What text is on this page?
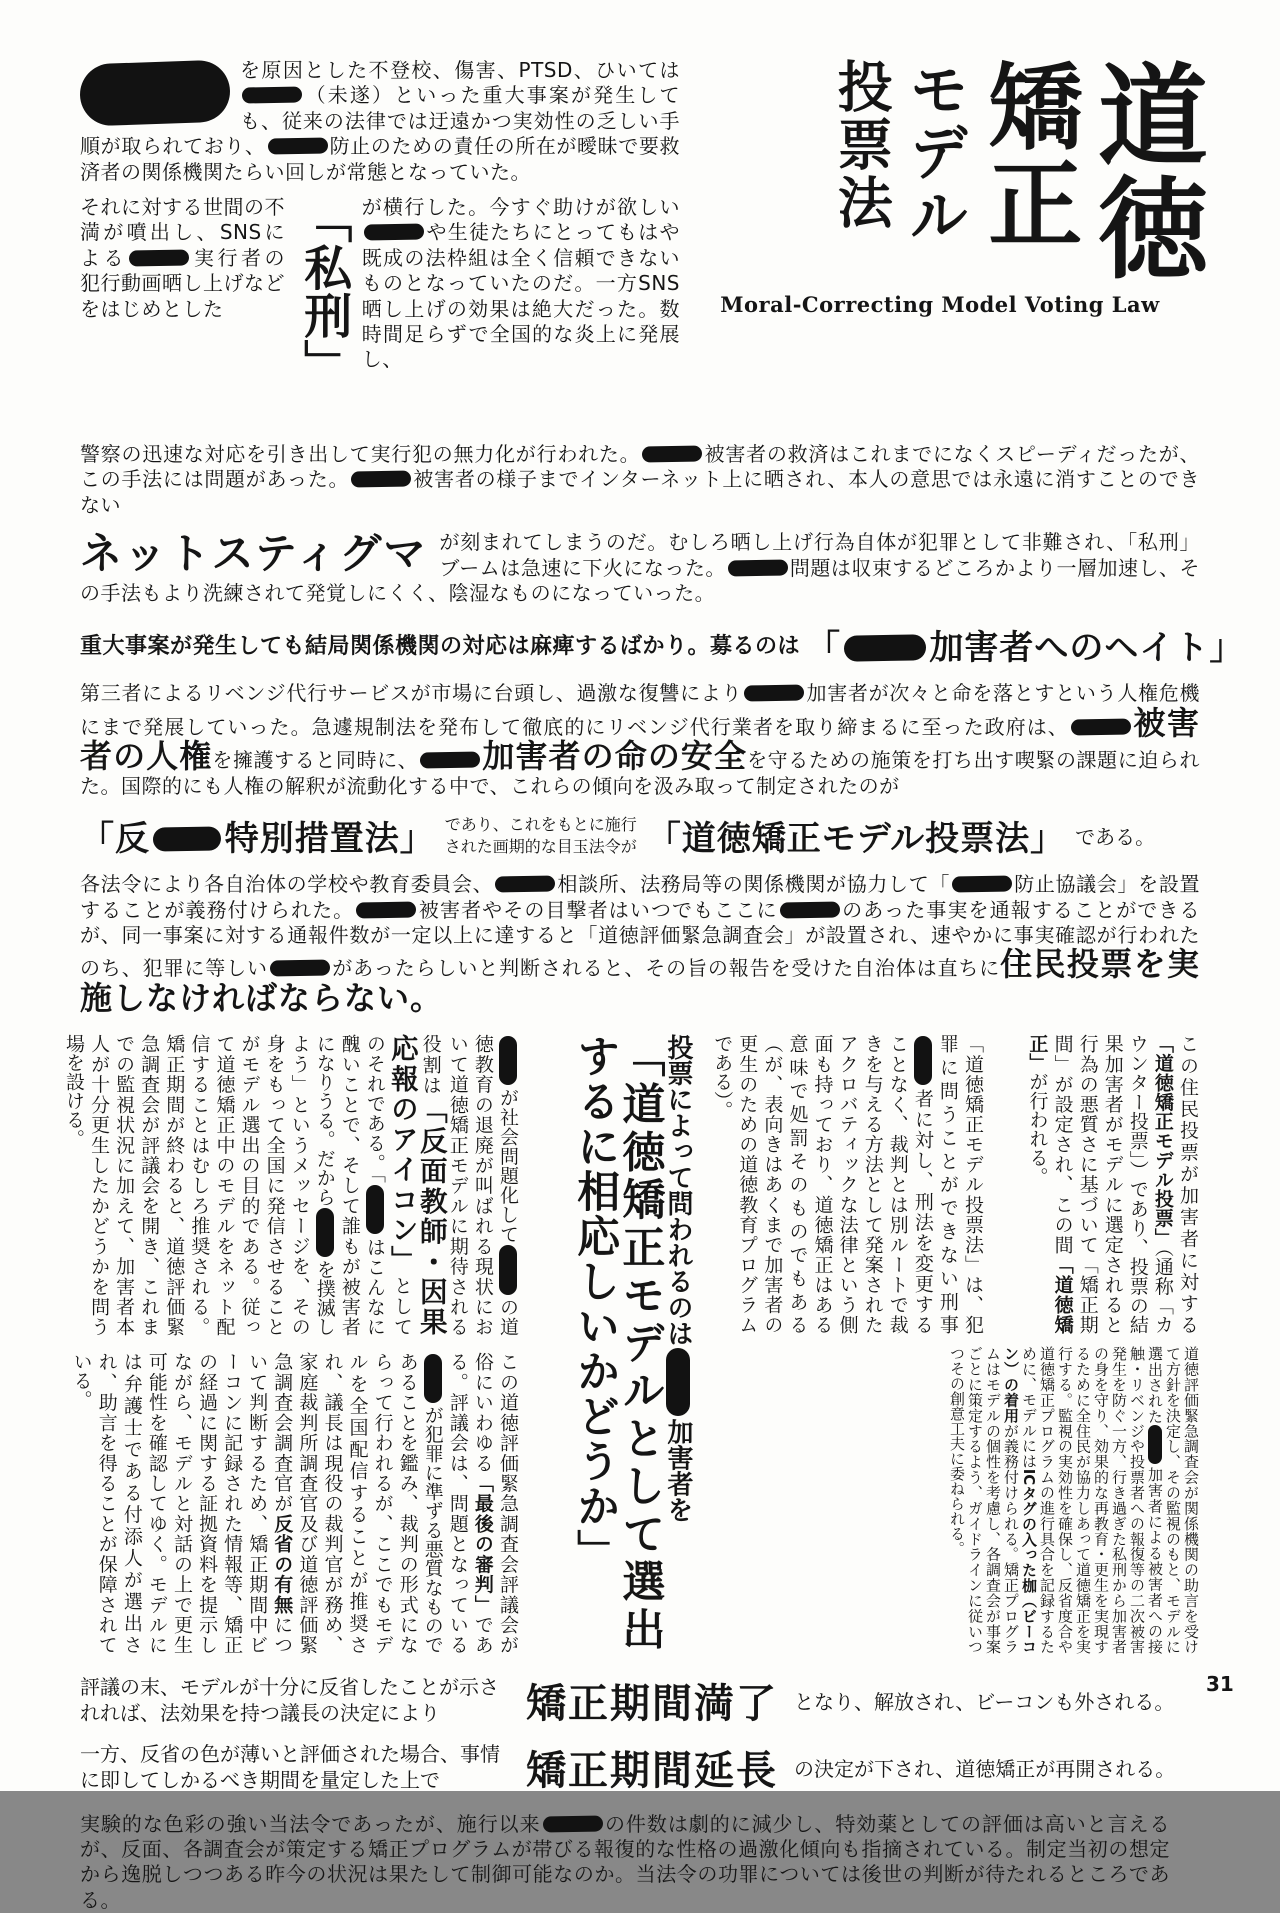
を原因とした不登校、傷害、PTSD、ひいては（未遂）といった重大事案が発生しても、従来の法律では迂遠かつ実効性の乏しい手順が取られており、	防止のための責任の所在が曖昧で要救済者の関係機関たらい回しが常態となっていた。

それに対する世間の不満が噴出し、SNSによる	実行者の犯行動画晒し上げなどをはじめとした	「私刑」 が横行した。今すぐ助けが欲しいや生徒たちにとってもはや既成の法枠組は全く信頼できないものとなっていたのだ。一方SNS晒し上げの効果は絶大だった。数時間足らずで全国的な炎上に発展し、

投票法 モデル 矯正
道徳
Moral-Correcting Model Voting Law

警察の迅速な対応を引き出して実行犯の無力化が行われた。	被害者の救済はこれまでになくスピーディだったが、この手法には問題があった。	被害者の様子までインターネット上に晒され、本人の意思では永遠に消すことのできない

ネットスティグマ が刻まれてしまうのだ。むしろ晒し上げ行為自体が犯罪として非難され、「私刑」ブームは急速に下火になった。	問題は収束するどころかより一層加速し、その手法もより洗練されて発覚しにくく、陰湿なものになっていった。

重大事案が発生しても結局関係機関の対応は麻痺するばかり。募るのは 「	加害者へのヘイト」

第三者によるリベンジ代行サービスが市場に台頭し、過激な復讐により	加害者が次々と命を落とすという人権危機にまで発展していった。急遽規制法を発布して徹底的にリベンジ代行業者を取り締まるに至った政府は、 被害者の人権を擁護すると同時に、 加害者の命の安全を守るための施策を打ち出す喫緊の課題に迫られた。国際的にも人権の解釈が流動化する中で、これらの傾向を汲み取って制定されたのが

「反 特別措置法」 であり、これをもとに施行
された画期的な目玉法令が 「道徳矯正モデル投票法」 である。

各法令により各自治体の学校や教育委員会、	相談所、法務局等の関係機関が協力して「	防止協議会」を設置することが義務付けられた。	被害者やその目撃者はいつでもここに	のあった事実を通報することができるが、同一事案に対する通報件数が一定以上に達すると「道徳評価緊急調査会」が設置され、速やかに事実確認が行われたのち、犯罪に等しい	があったらしいと判断されると、その旨の報告を受けた自治体は直ちに住民投票を実施しなければならない。

この住民投票が加害者に対する「道徳矯正モデル投票」（通称「カウンター投票」）であり、投票の結果加害者がモデルに選定されると行為の悪質さに基づいて「矯正期間」が設定され、この間「道徳矯正」が行われる。
「道徳矯正モデル投票法」は、犯罪に問うことができない刑事者に対し、刑法を変更することなく、裁判とは別ルートで裁きを与える方法として発案されたアクロバティックな法律という側面も持っており、道徳矯正はある意味で処罰そのものでもある（が、表向きはあくまで加害者の更生のための道徳教育プログラムである）。
投票によって問われるのは加害者を
「道徳矯正モデルとして選出するに相応しいかどうか」
が社会問題化しての道徳教育の退廃が叫ばれる現状において道徳矯正モデルに期待される役割は「反面教師・因果応報のアイコン」としてのそれである。「はこんなに醜いことで、そして誰もが被害者になりうる。だからを撲滅しよう」というメッセージを、その身をもって全国に発信させることがモデル選出の目的である。従って道徳矯正中のモデルをネット配信することはむしろ推奨される。矯正期間が終わると、道徳評価緊急調査会が評議会を開き、これまでの監視状況に加えて、加害者本人が十分更生したかどうかを問う場を設ける。
この道徳評価緊急調査会評議会が俗にいわゆる「最後の審判」である。評議会は、問題となっているが犯罪に準ずる悪質なものであることを鑑み、裁判の形式にならって行われるが、ここでもモデルを全国配信することが推奨され、議長は現役の裁判官が務め、家庭裁判所調査官及び道徳評価緊急調査会調査官が反省の有無について判断するため、矯正期間中ビーコンに記録された情報等、矯正の経過に関する証拠資料を提示しながら、モデルと対話の上で更生可能性を確認してゆく。モデルには弁護士である付添人が選出され、助言を得ることが保障されている。	道徳評価緊急調査会が関係機関の助言を受けて方針を決定し、その監視のもと、モデルに選出された加害者による被害者への接触・リベンジや投票者への報復等の二次被害発生を防ぐ一方、行き過ぎた私刑から加害者の身を守り、効果的な再教育・更生を実現するために全住民が協力しあって道徳矯正を実行する。監視の実効性を確保し、反省度合や道徳矯正プログラムの進行具合を記録するために、モデルにはICタグの入った枷（ビーコン）の着用が義務付けられる。矯正プログラムはモデルの個性を考慮し、各調査会が事案ごとに策定するよう、ガイドラインに従いつつその創意工夫に委ねられる。
評議の末、モデルが十分に反省したことが示されれば、法効果を持つ議長の決定により	矯正期間満了 となり、解放され、ビーコンも外される。
一方、反省の色が薄いと評価された場合、事情に即してしかるべき期間を量定した上で	矯正期間延長 の決定が下され、道徳矯正が再開される。

実験的な色彩の強い当法令であったが、施行以来	の件数は劇的に減少し、特効薬としての評価は高いと言えるが、反面、各調査会が策定する矯正プログラムが帯びる報復的な性格の過激化傾向も指摘されている。制定当初の想定から逸脱しつつある昨今の状況は果たして制御可能なのか。当法令の功罪については後世の判断が待たれるところである。

31
